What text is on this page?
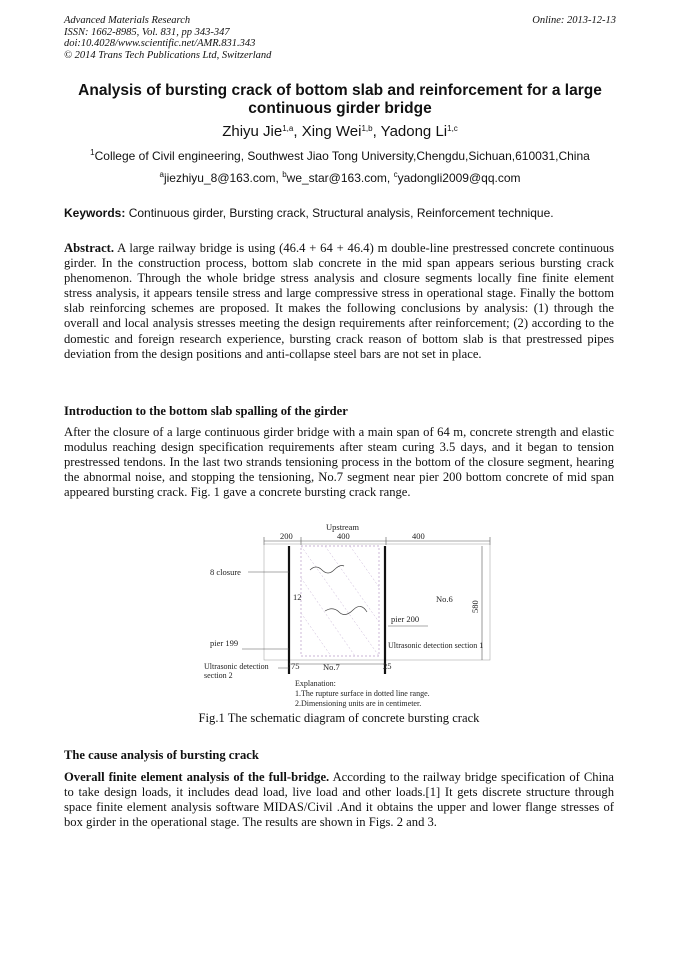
Advanced Materials Research
ISSN: 1662-8985, Vol. 831, pp 343-347
doi:10.4028/www.scientific.net/AMR.831.343
© 2014 Trans Tech Publications Ltd, Switzerland
Online: 2013-12-13
Analysis of bursting crack of bottom slab and reinforcement for a large continuous girder bridge
Zhiyu Jie$^{1,a}$, Xing Wei$^{1,b}$, Yadong Li$^{1,c}$
$^1$College of Civil engineering, Southwest Jiao Tong University,Chengdu,Sichuan,610031,China
$^a$jiezhiyu_8@163.com, $^b$we_star@163.com, $^c$yadongli2009@qq.com
Keywords: Continuous girder, Bursting crack, Structural analysis, Reinforcement technique.
Abstract. A large railway bridge is using (46.4 + 64 + 46.4) m double-line prestressed concrete continuous girder. In the construction process, bottom slab concrete in the mid span appears serious bursting crack phenomenon. Through the whole bridge stress analysis and closure segments locally fine finite element stress analysis, it appears tensile stress and large compressive stress in operational stage. Finally the bottom slab reinforcing schemes are proposed. It makes the following conclusions by analysis: (1) through the overall and local analysis stresses meeting the design requirements after reinforcement; (2) according to the domestic and foreign research experience, bursting crack reason of bottom slab is that prestressed pipes deviation from the design positions and anti-collapse steel bars are not set in place.
Introduction to the bottom slab spalling of the girder
After the closure of a large continuous girder bridge with a main span of 64 m, concrete strength and elastic modulus reaching design specification requirements after steam curing 3.5 days, and it began to tension prestressed tendons. In the last two strands tensioning process in the bottom of the closure segment, hearing the abnormal noise, and stopping the tensioning, No.7 segment near pier 200 bottom concrete of mid span appeared bursting crack. Fig. 1 gave a concrete bursting crack range.
Upstream
200	400	400
580
8 closure
12
pier 199
No.6
pier 200
Ultrasonic detection section 1
Ultrasonic detection
section 2
75	No.7	25
Explanation:
1.The rupture surface in dotted line range.
2.Dimensioning units are in centimeter.
Fig.1 The schematic diagram of concrete bursting crack
The cause analysis of bursting crack
Overall finite element analysis of the full-bridge. According to the railway bridge specification of China to take design loads, it includes dead load, live load and other loads.[1] It gets discrete structure through space finite element analysis software MIDAS/Civil .And it obtains the upper and lower flange stresses of box girder in the operational stage. The results are shown in Figs. 2 and 3.
